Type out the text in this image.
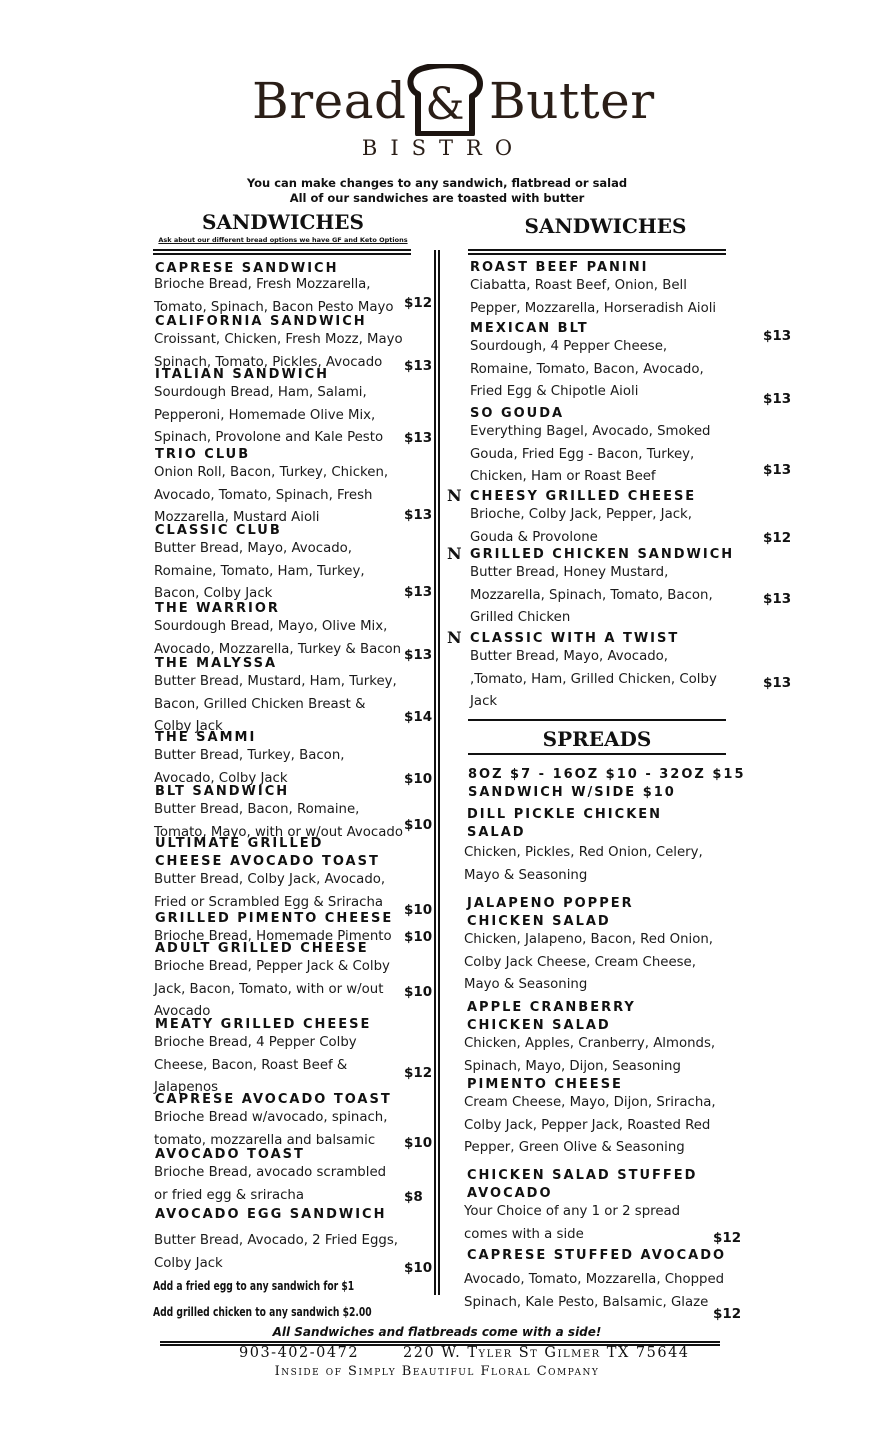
Bread & Butter
BISTRO
You can make changes to any sandwich, flatbread or salad
All of our sandwiches are toasted with butter
SANDWICHES
Ask about our different bread options we have GF and Keto Options
CAPRESE SANDWICH
Brioche Bread, Fresh Mozzarella,
Tomato, Spinach, Bacon Pesto Mayo $12
CALIFORNIA SANDWICH
Croissant, Chicken, Fresh Mozz, Mayo
Spinach, Tomato, Pickles, Avocado	$13
ITALIAN SANDWICH
Sourdough Bread, Ham, Salami,
Pepperoni, Homemade Olive Mix,
Spinach, Provolone and Kale Pesto	$13
TRIO CLUB
Onion Roll, Bacon, Turkey, Chicken,
Avocado, Tomato, Spinach, Fresh
Mozzarella, Mustard Aioli	$13
CLASSIC CLUB
Butter Bread, Mayo, Avocado,
Romaine, Tomato, Ham, Turkey,
Bacon, Colby Jack	$13
THE WARRIOR
Sourdough Bread, Mayo, Olive Mix,
Avocado, Mozzarella, Turkey & Bacon $13
THE MALYSSA
Butter Bread, Mustard, Ham, Turkey,
Bacon, Grilled Chicken Breast &
Colby Jack
$14
THE SAMMI
Butter Bread, Turkey, Bacon,
Avocado, Colby Jack	$10
BLT SANDWICH
Butter Bread, Bacon, Romaine,
Tomato, Mayo, with or w/out Avocado $10
ULTIMATE GRILLED
CHEESE AVOCADO TOAST
Butter Bread, Colby Jack, Avocado,
Fried or Scrambled Egg & Sriracha	$10
GRILLED PIMENTO CHEESE
Brioche Bread, Homemade Pimento $10
ADULT GRILLED CHEESE
Brioche Bread, Pepper Jack & Colby
Jack, Bacon, Tomato, with or w/out
Avocado
$10
MEATY GRILLED CHEESE
Brioche Bread, 4 Pepper Colby
Cheese, Bacon, Roast Beef &
Jalapenos
$12
CAPRESE AVOCADO TOAST
Brioche Bread w/avocado, spinach,
tomato, mozzarella and balsamic	$10
AVOCADO TOAST
Brioche Bread, avocado scrambled
or fried egg & sriracha	$8
AVOCADO EGG SANDWICH
Butter Bread, Avocado, 2 Fried Eggs,
Colby Jack	$10
Add a fried egg to any sandwich for $1
Add grilled chicken to any sandwich $2.00
SANDWICHES
ROAST BEEF PANINI
Ciabatta, Roast Beef, Onion, Bell
Pepper, Mozzarella, Horseradish Aioli
$13
MEXICAN BLT
Sourdough, 4 Pepper Cheese,
Romaine, Tomato, Bacon, Avocado,
Fried Egg & Chipotle Aioli	$13
SO GOUDA
Everything Bagel, Avocado, Smoked
Gouda, Fried Egg - Bacon, Turkey,
Chicken, Ham or Roast Beef	$13
CHEESY GRILLED CHEESE
Brioche, Colby Jack, Pepper, Jack,
Gouda & Provolone	$12
N
GRILLED CHICKEN SANDWICH
Butter Bread, Honey Mustard,
Mozzarella, Spinach, Tomato, Bacon,
Grilled Chicken
$13
N
CLASSIC WITH A TWIST
Butter Bread, Mayo, Avocado,
,Tomato, Ham, Grilled Chicken, Colby
Jack
$13
N
SPREADS
8OZ $7 - 16OZ $10 - 32OZ $15
SANDWICH W/SIDE $10
DILL PICKLE CHICKEN
SALAD
Chicken, Pickles, Red Onion, Celery,
Mayo & Seasoning
JALAPENO POPPER
CHICKEN SALAD
Chicken, Jalapeno, Bacon, Red Onion,
Colby Jack Cheese, Cream Cheese,
Mayo & Seasoning
APPLE CRANBERRY
CHICKEN SALAD
Chicken, Apples, Cranberry, Almonds,
Spinach, Mayo, Dijon, Seasoning
PIMENTO CHEESE
Cream Cheese, Mayo, Dijon, Sriracha,
Colby Jack, Pepper Jack, Roasted Red
Pepper, Green Olive & Seasoning
CHICKEN SALAD STUFFED
AVOCADO
Your Choice of any 1 or 2 spread
comes with a side	$12
CAPRESE STUFFED AVOCADO
Avocado, Tomato, Mozzarella, Chopped
Spinach, Kale Pesto, Balsamic, Glaze
$12
All Sandwiches and flatbreads come with a side!
903-402-0472	220 W. Tyler St Gilmer TX 75644
Inside of Simply Beautiful Floral Company
